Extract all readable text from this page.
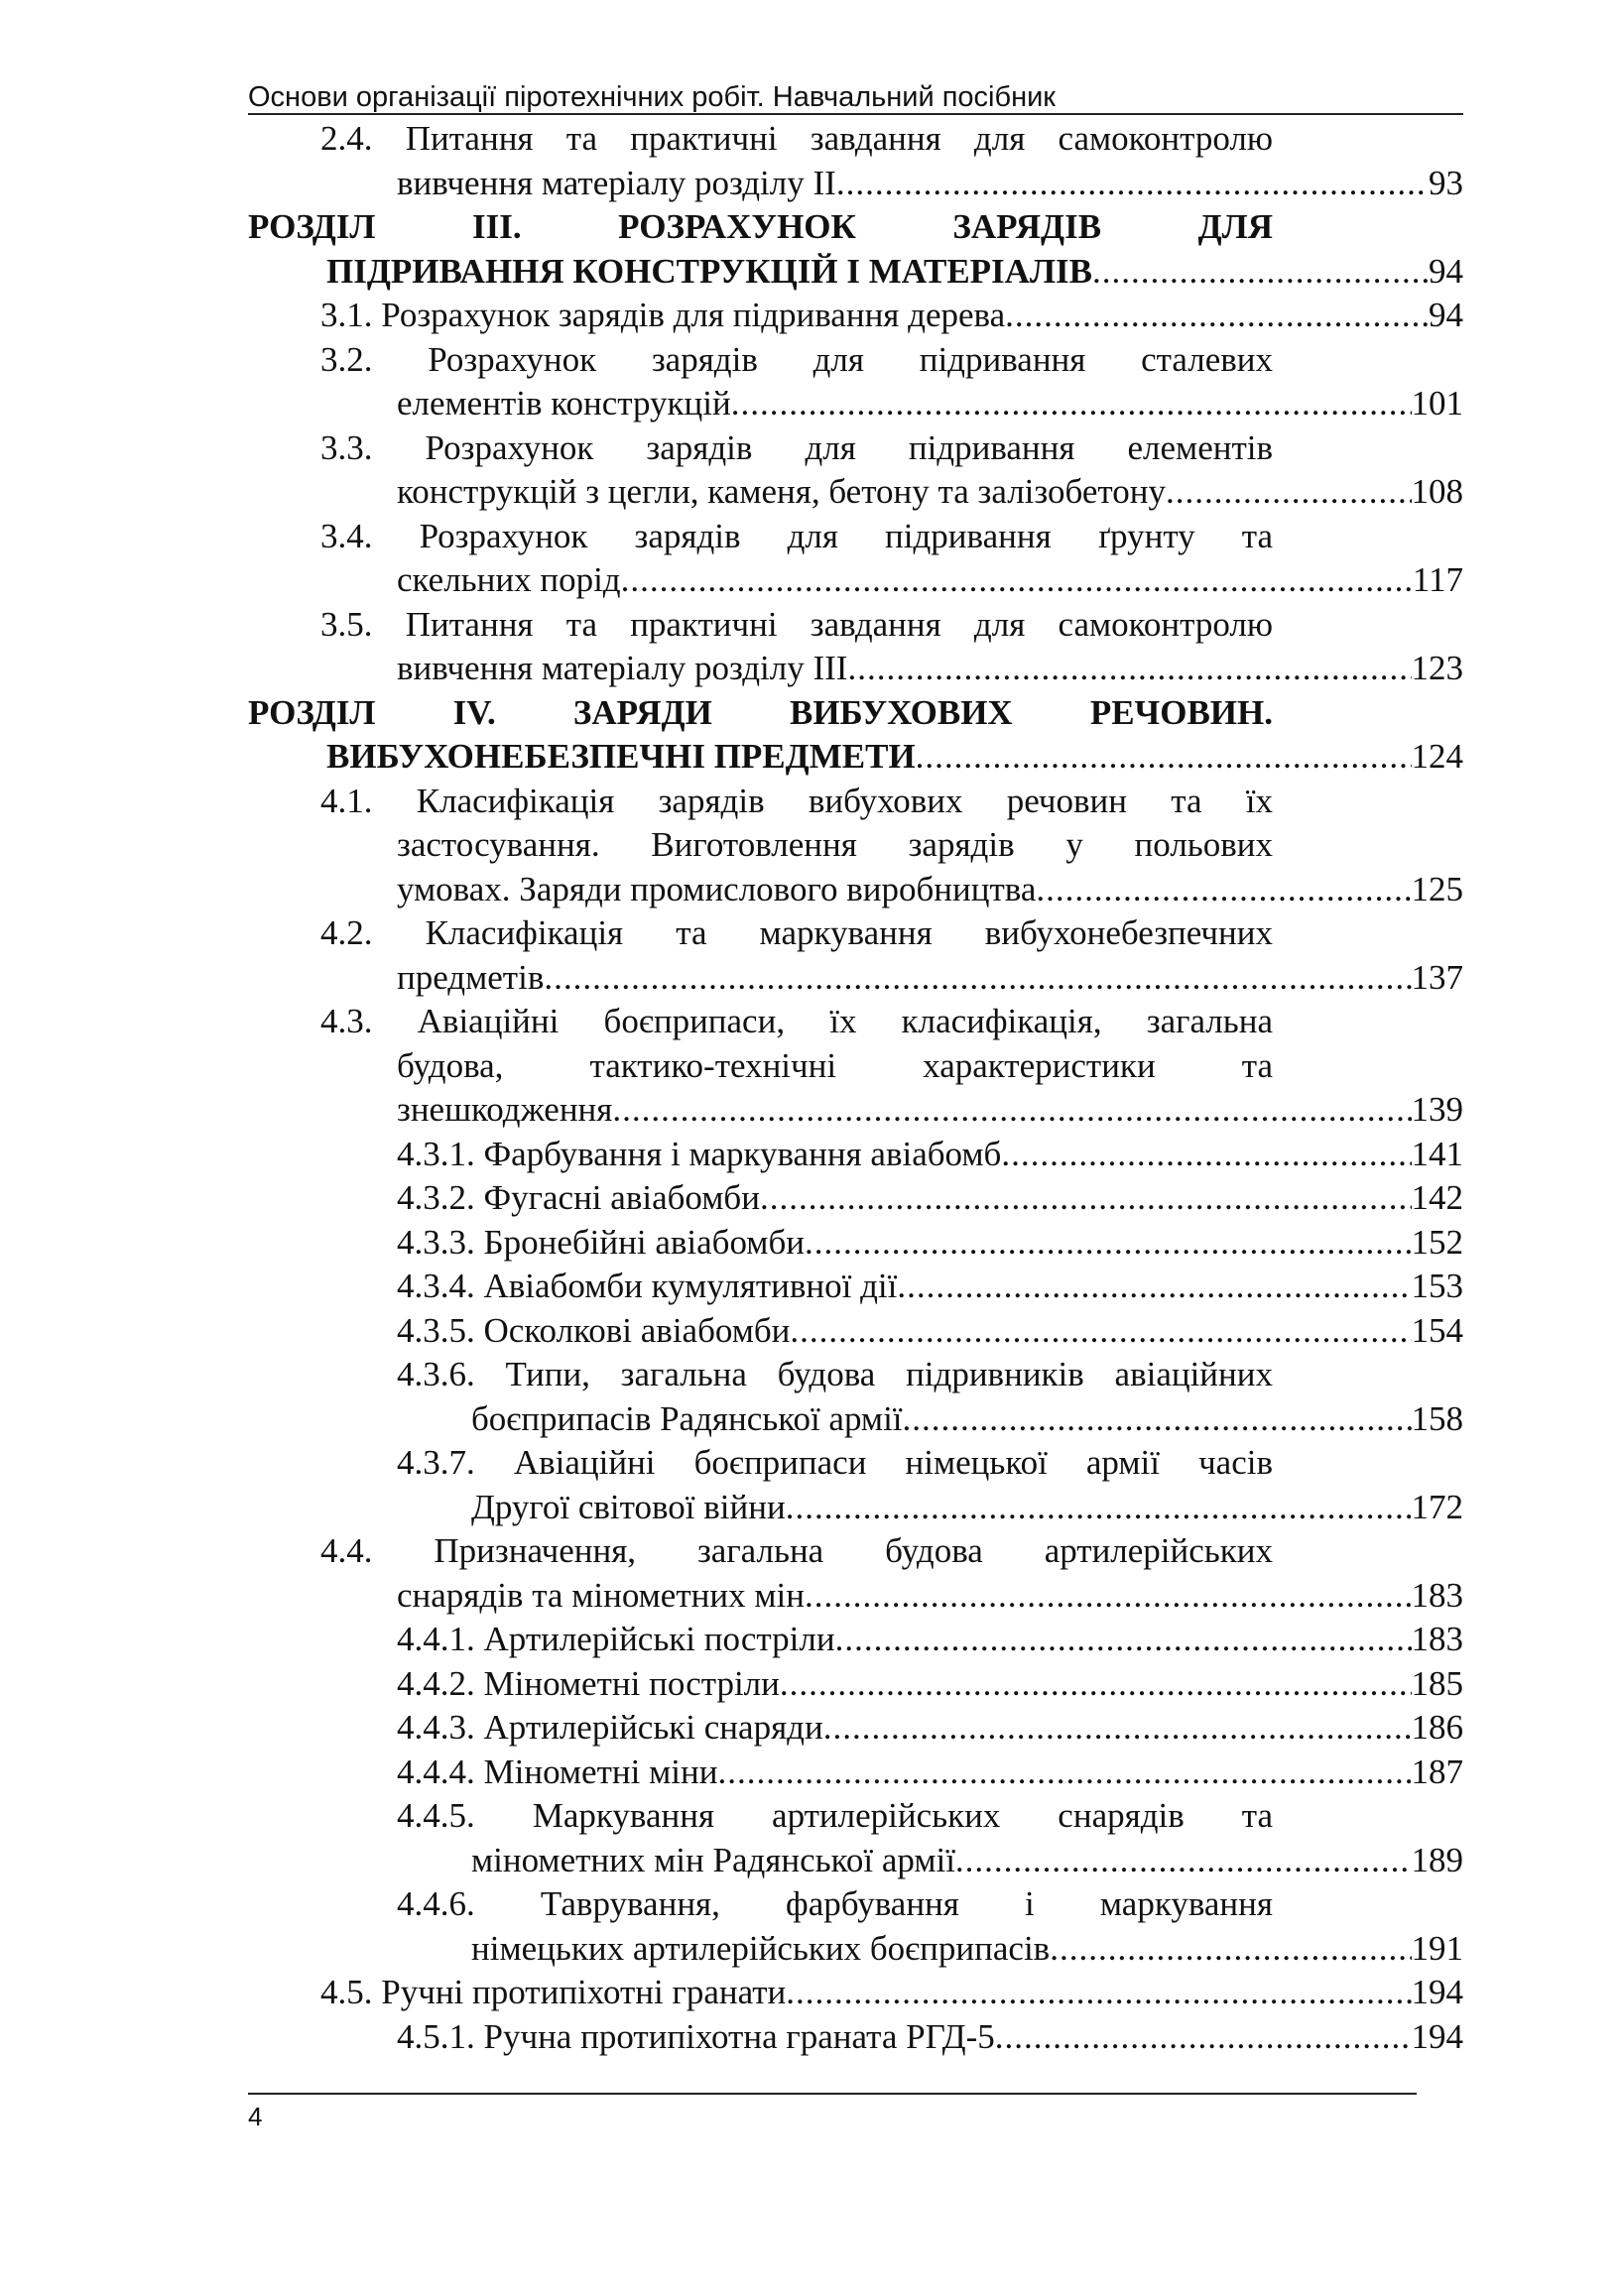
Основи організації піротехнічних робіт. Навчальний посібник
2.4. Питання та практичні завдання для самоконтролю
вивчення матеріалу розділу ІІ .....	93
РОЗДІЛ ІІІ. РОЗРАХУНОК ЗАРЯДІВ ДЛЯ
ПІДРИВАННЯ КОНСТРУКЦІЙ І МАТЕРІАЛІВ .....	94
3.1. Розрахунок зарядів для підривання дерева .....	94
3.2. Розрахунок зарядів для підривання сталевих
елементів конструкцій .....	101
3.3. Розрахунок зарядів для підривання елементів
конструкцій з цегли, каменя, бетону та залізобетону .....	108
3.4. Розрахунок зарядів для підривання ґрунту та
скельних порід .....	117
3.5. Питання та практичні завдання для самоконтролю
вивчення матеріалу розділу ІІІ .....	123
РОЗДІЛ ІV. ЗАРЯДИ ВИБУХОВИХ РЕЧОВИН.
ВИБУХОНЕБЕЗПЕЧНІ ПРЕДМЕТИ .....	124
4.1. Класифікація зарядів вибухових речовин та їх
застосування. Виготовлення зарядів у польових
умовах. Заряди промислового виробництва .....	125
4.2. Класифікація та маркування вибухонебезпечних
предметів .....	137
4.3. Авіаційні боєприпаси, їх класифікація, загальна
будова, тактико-технічні характеристики та
знешкодження .....	139
4.3.1. Фарбування і маркування авіабомб .....	141
4.3.2. Фугасні авіабомби .....	142
4.3.3. Бронебійні авіабомби .....	152
4.3.4. Авіабомби кумулятивної дії .....	153
4.3.5. Осколкові авіабомби .....	154
4.3.6. Типи, загальна будова підривників авіаційних
боєприпасів Радянської армії .....	158
4.3.7. Авіаційні боєприпаси німецької армії часів
Другої світової війни .....	172
4.4. Призначення, загальна будова артилерійських
снарядів та мінометних мін .....	183
4.4.1. Артилерійські постріли .....	183
4.4.2. Мінометні постріли .....	185
4.4.3. Артилерійські снаряди .....	186
4.4.4. Мінометні міни .....	187
4.4.5. Маркування артилерійських снарядів та
мінометних мін Радянської армії .....	189
4.4.6. Таврування, фарбування і маркування
німецьких артилерійських боєприпасів .....	191
4.5. Ручні протипіхотні гранати .....	194
4.5.1. Ручна протипіхотна граната РГД-5 .....	194
4
